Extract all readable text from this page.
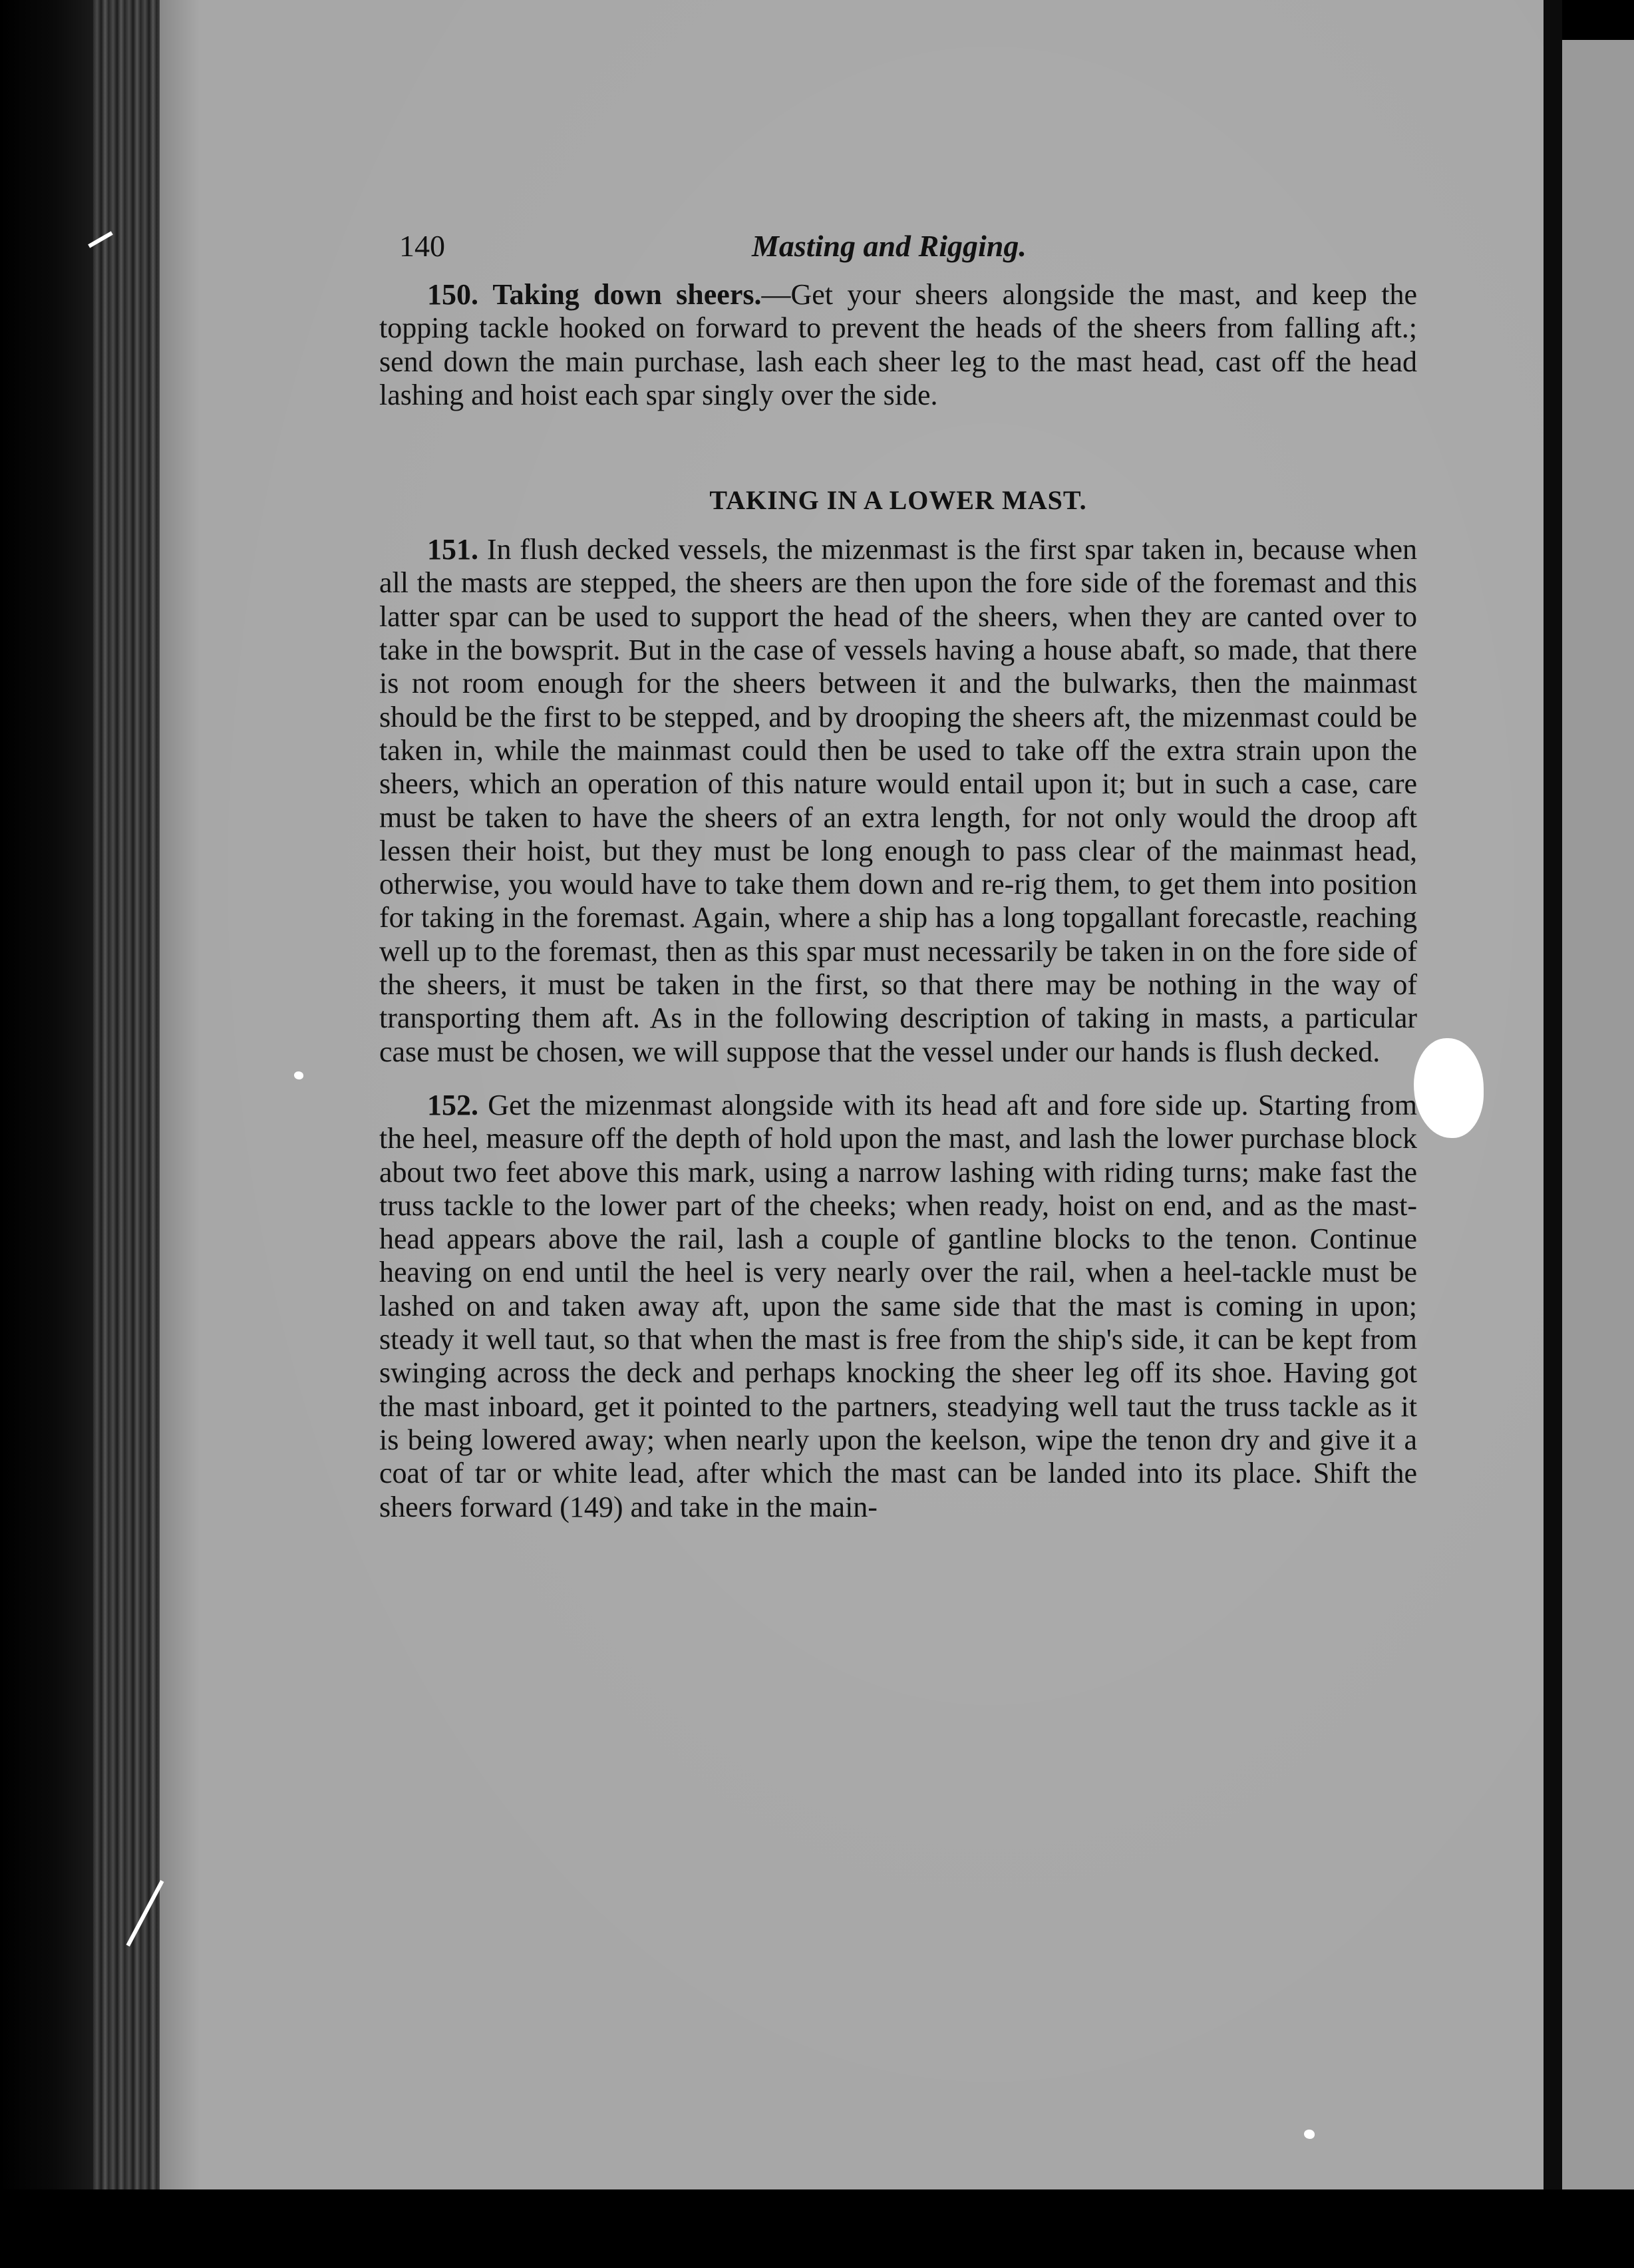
140	Masting and Rigging.

150. Taking down sheers.—Get your sheers alongside the mast, and keep the topping tackle hooked on forward to prevent the heads of the sheers from falling aft.; send down the main purchase, lash each sheer leg to the mast head, cast off the head lashing and hoist each spar singly over the side.

TAKING IN A LOWER MAST.

151. In flush decked vessels, the mizenmast is the first spar taken in, because when all the masts are stepped, the sheers are then upon the fore side of the foremast and this latter spar can be used to support the head of the sheers, when they are canted over to take in the bowsprit. But in the case of vessels having a house abaft, so made, that there is not room enough for the sheers between it and the bulwarks, then the mainmast should be the first to be stepped, and by drooping the sheers aft, the mizenmast could be taken in, while the mainmast could then be used to take off the extra strain upon the sheers, which an operation of this nature would entail upon it; but in such a case, care must be taken to have the sheers of an extra length, for not only would the droop aft lessen their hoist, but they must be long enough to pass clear of the mainmast head, otherwise, you would have to take them down and re-rig them, to get them into position for taking in the foremast. Again, where a ship has a long topgallant forecastle, reaching well up to the foremast, then as this spar must necessarily be taken in on the fore side of the sheers, it must be taken in the first, so that there may be nothing in the way of transporting them aft. As in the following description of taking in masts, a particular case must be chosen, we will suppose that the vessel under our hands is flush decked.

152. Get the mizenmast alongside with its head aft and fore side up. Starting from the heel, measure off the depth of hold upon the mast, and lash the lower purchase block about two feet above this mark, using a narrow lashing with riding turns; make fast the truss tackle to the lower part of the cheeks; when ready, hoist on end, and as the mast-head appears above the rail, lash a couple of gantline blocks to the tenon. Continue heaving on end until the heel is very nearly over the rail, when a heel-tackle must be lashed on and taken away aft, upon the same side that the mast is coming in upon; steady it well taut, so that when the mast is free from the ship's side, it can be kept from swinging across the deck and perhaps knocking the sheer leg off its shoe. Having got the mast inboard, get it pointed to the partners, steadying well taut the truss tackle as it is being lowered away; when nearly upon the keelson, wipe the tenon dry and give it a coat of tar or white lead, after which the mast can be landed into its place. Shift the sheers forward (149) and take in the main-
